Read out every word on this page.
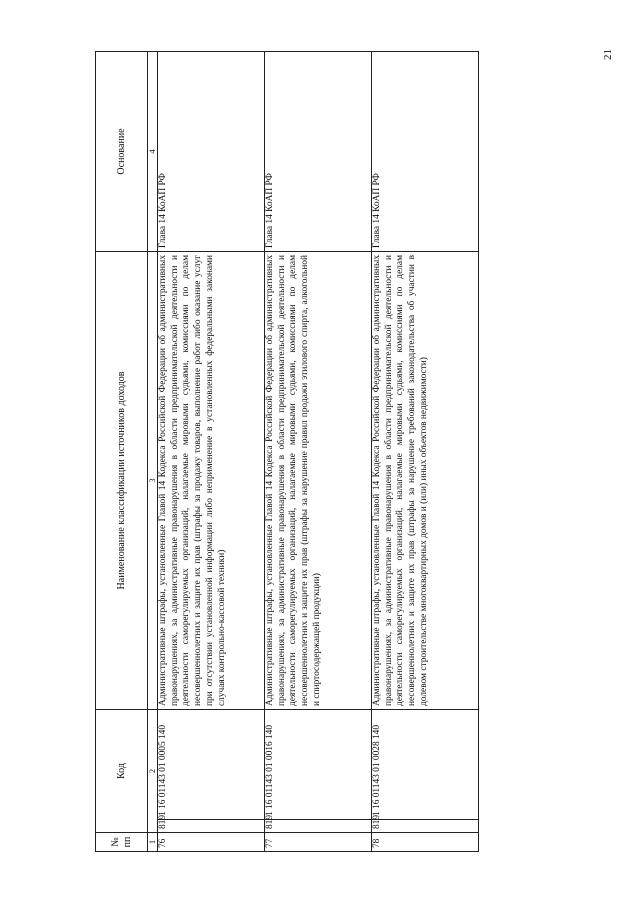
21
№
пп	Код		Наименование классификации источников доходов	Основание
1	2		3	4
76	819	1 16 01143 01 0005 140	Административные штрафы, установленные Главой 14 Кодекса Российской Федерации об административных правонарушениях, за административные правонарушения в области предпринимательской деятельности и деятельности саморегулируемых организаций, налагаемые мировыми судьями, комиссиями по делам несовершеннолетних и защите их прав (штрафы за продажу товаров, выполнение работ либо оказание услуг при отсутствии установленной информации либо неприменение в установленных федеральными законами случаях контрольно-кассовой техники)	Глава 14 КоАП РФ
77	819	1 16 01143 01 0016 140	Административные штрафы, установленные Главой 14 Кодекса Российской Федерации об административных правонарушениях, за административные правонарушения в области предпринимательской деятельности и деятельности саморегулируемых организаций, налагаемые мировыми судьями, комиссиями по делам несовершеннолетних и защите их прав (штрафы за нарушение правил продажи этилового спирта, алкогольной и спиртосодержащей продукции)	Глава 14 КоАП РФ
78	819	1 16 01143 01 0028 140	Административные штрафы, установленные Главой 14 Кодекса Российской Федерации об административных правонарушениях, за административные правонарушения в области предпринимательской деятельности и деятельности саморегулируемых организаций, налагаемые мировыми судьями, комиссиями по делам несовершеннолетних и защите их прав (штрафы за нарушение требований законодательства об участии в долевом строительстве многоквартирных домов и (или) иных объектов недвижимости)	Глава 14 КоАП РФ
